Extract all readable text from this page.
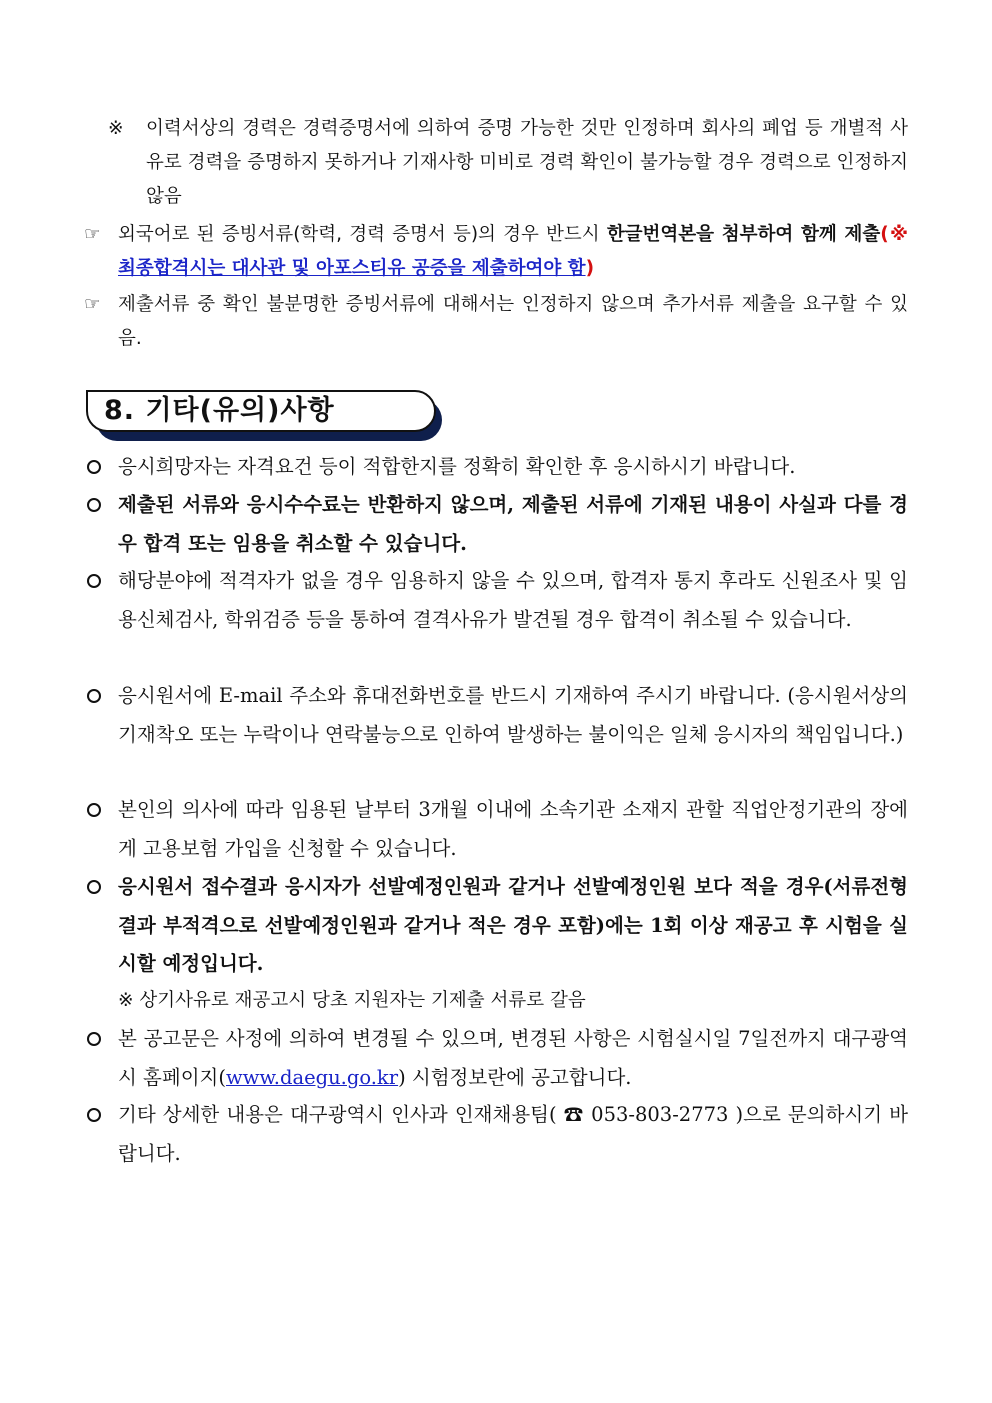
※ 이력서상의 경력은 경력증명서에 의하여 증명 가능한 것만 인정하며 회사의 폐업 등 개별적 사유로 경력을 증명하지 못하거나 기재사항 미비로 경력 확인이 불가능할 경우 경력으로 인정하지 않음
☞ 외국어로 된 증빙서류(학력, 경력 증명서 등)의 경우 반드시 한글번역본을 첨부하여 함께 제출(※최종합격시는 대사관 및 아포스티유 공증을 제출하여야 함)
☞ 제출서류 중 확인 불분명한 증빙서류에 대해서는 인정하지 않으며 추가서류 제출을 요구할 수 있음.
8. 기타(유의)사항
응시희망자는 자격요건 등이 적합한지를 정확히 확인한 후 응시하시기 바랍니다.
제출된 서류와 응시수수료는 반환하지 않으며, 제출된 서류에 기재된 내용이 사실과 다를 경우 합격 또는 임용을 취소할 수 있습니다.
해당분야에 적격자가 없을 경우 임용하지 않을 수 있으며, 합격자 통지 후라도 신원조사 및 임용신체검사, 학위검증 등을 통하여 결격사유가 발견될 경우 합격이 취소될 수 있습니다.
응시원서에 E-mail 주소와 휴대전화번호를 반드시 기재하여 주시기 바랍니다. (응시원서상의 기재착오 또는 누락이나 연락불능으로 인하여 발생하는 불이익은 일체 응시자의 책임입니다.)
본인의 의사에 따라 임용된 날부터 3개월 이내에 소속기관 소재지 관할 직업안정기관의 장에게 고용보험 가입을 신청할 수 있습니다.
응시원서 접수결과 응시자가 선발예정인원과 같거나 선발예정인원 보다 적을 경우(서류전형결과 부적격으로 선발예정인원과 같거나 적은 경우 포함)에는 1회 이상 재공고 후 시험을 실시할 예정입니다.
※ 상기사유로 재공고시 당초 지원자는 기제출 서류로 갈음
본 공고문은 사정에 의하여 변경될 수 있으며, 변경된 사항은 시험실시일 7일전까지 대구광역시 홈페이지(www.daegu.go.kr) 시험정보란에 공고합니다.
기타 상세한 내용은 대구광역시 인사과 인재채용팀( ☎ 053-803-2773 )으로 문의하시기 바랍니다.
